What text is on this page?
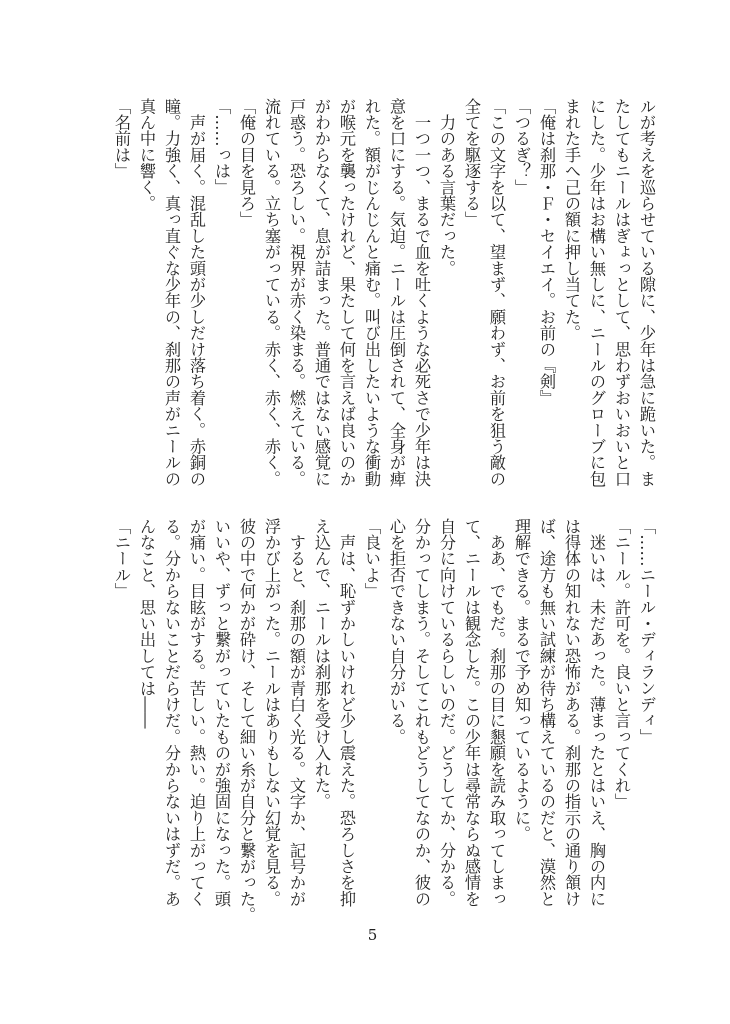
ルが考えを巡らせている隙に、少年は急に跪いた。ま
たしてもニールはぎょっとして、思わずおいおいと口
にした。少年はお構い無しに、ニールのグローブに包
まれた手へ己の額に押し当てた。
「俺は刹那・Ｆ・セイエイ。お前の『剣』
「つるぎ？」
「この文字を以て、望まず、願わず、お前を狙う敵の
全てを駆逐する」
　力のある言葉だった。
　一つ一つ、まるで血を吐くような必死さで少年は決
意を口にする。気迫。ニールは圧倒されて、全身が痺
れた。額がじんじんと痛む。叫び出したいような衝動
が喉元を襲ったけれど、果たして何を言えば良いのか
がわからなくて、息が詰まった。普通ではない感覚に
戸惑う。恐ろしい。視界が赤く染まる。燃えている。
流れている。立ち塞がっている。赤く、赤く、赤く。
「俺の目を見ろ」
「……っは」
　声が届く。混乱した頭が少しだけ落ち着く。赤銅の
瞳。力強く、真っ直ぐな少年の、刹那の声がニールの
真ん中に響く。
「名前は」
「……ニール・ディランディ」
「ニール。許可を。良いと言ってくれ」
　迷いは、未だあった。薄まったとはいえ、胸の内に
は得体の知れない恐怖がある。刹那の指示の通り頷け
ば、途方も無い試練が待ち構えているのだと、漠然と
理解できる。まるで予め知っているように。
　ああ、でもだ。刹那の目に懇願を読み取ってしまっ
て、ニールは観念した。この少年は尋常ならぬ感情を
自分に向けているらしいのだ。どうしてか、分かる。
分かってしまう。そしてこれもどうしてなのか、彼の
心を拒否できない自分がいる。
「良いよ」
　声は、恥ずかしいけれど少し震えた。恐ろしさを抑
え込んで、ニールは刹那を受け入れた。
　すると、刹那の額が青白く光る。文字か、記号かが
浮かび上がった。ニールはありもしない幻覚を見る。
彼の中で何かが砕け、そして細い糸が自分と繋がった。
いいや、ずっと繋がっていたものが強固になった。頭
が痛い。目眩がする。苦しい。熱い。迫り上がってく
る。分からないことだらけだ。分からないはずだ。あ
んなこと、思い出しては――
「ニール」
5
